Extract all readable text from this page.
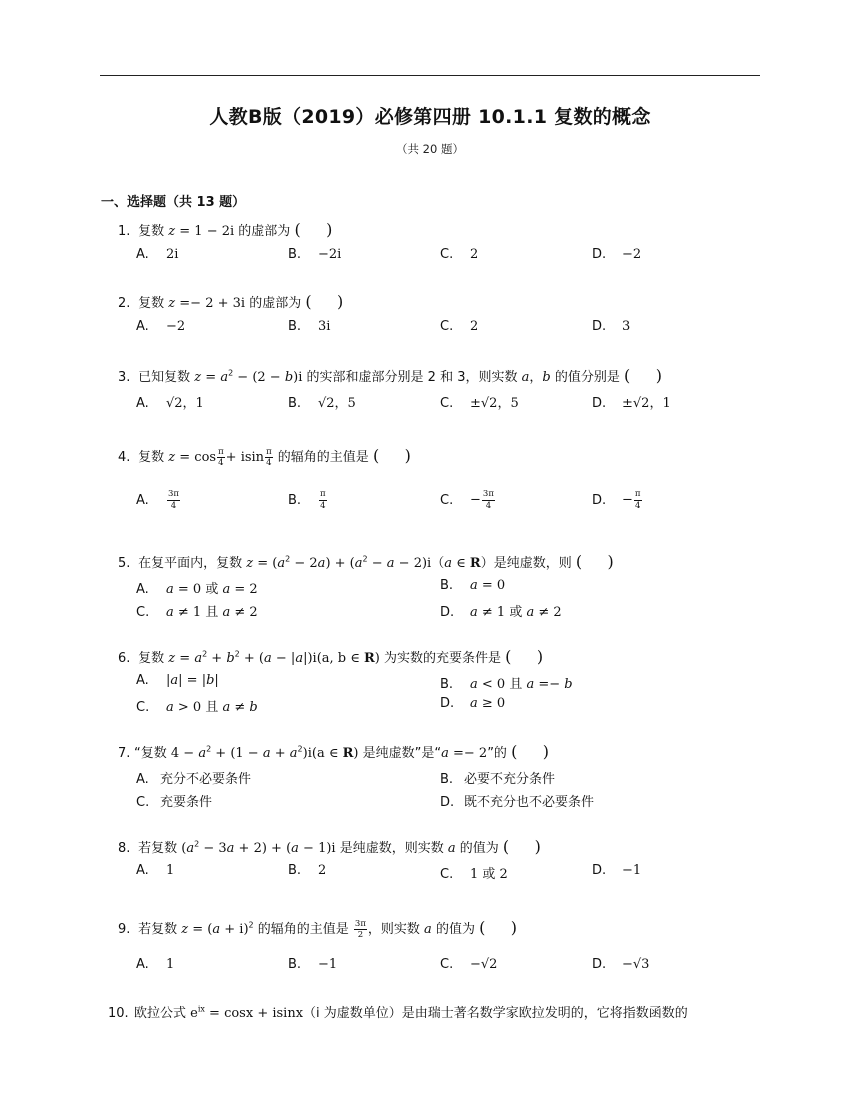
人教B版（2019）必修第四册 10.1.1 复数的概念
（共 20 题）
一、选择题（共 13 题）
1. 复数 z = 1 − 2i 的虚部为 (     )
A. 2i	B. −2i	C. 2	D. −2
2. 复数 z =− 2 + 3i 的虚部为 (     )
A. −2	B. 3i	C. 2	D. 3
3. 已知复数 $z = a^2 - (2 - b)i$ 的实部和虚部分别是 2 和 3，则实数 a，b 的值分别是 (     )
A. √2，1	B. √2，5	C. ±√2，5	D. ±√2，1
4. 复数 $z = \cos \frac{\pi}{4} + isin \frac{\pi}{4}$ 的辐角的主值是 (     )
A. $\frac{3\pi}{4}$	B. $\frac{\pi}{4}$	C. − $\frac{3\pi}{4}$	D. − $\frac{\pi}{4}$
5. 在复平面内，复数 $z = (a^2 - 2a) + (a^2 - a - 2)i(a$ ∈ R）是纯虚数，则 (     )
A. a = 0 或 a = 2	B. a = 0
C. a ≠ 1 且 a ≠ 2	D. a ≠ 1 或 a ≠ 2
6. 复数 $z = a^2 + b^2 + (a - |a|)i(a$, b ∈ R) 为实数的充要条件是 (     )
A. |a| = |b|	B. a < 0 且 a =− b
C. a > 0 且 a ≠ b	D. a ≥ 0
7. “复数 $4 - a^2 + (1 - a + a^2)i(a$ ∈ R) 是纯虚数”是“a =− 2”的 (     )
A. 充分不必要条件	B. 必要不充分条件
C. 充要条件	D. 既不充分也不必要条件
8. 若复数 $(a^2 - 3a + 2) + (a - 1)i$ 是纯虚数，则实数 a 的值为 (     )
A. 1	B. 2	C. 1 或 2	D. −1
9. 若复数 $z = (a + i)^2$ 的辐角的主值是 $\frac{3\pi}{2}$ ，则实数 a 的值为 (     )
A. 1	B. −1	C. −√2	D. −√3
10. 欧拉公式 $e^{ix} = \cos x + isinx(i$ 为虚数单位）是由瑞士著名数学家欧拉发明的，它将指数函数的
